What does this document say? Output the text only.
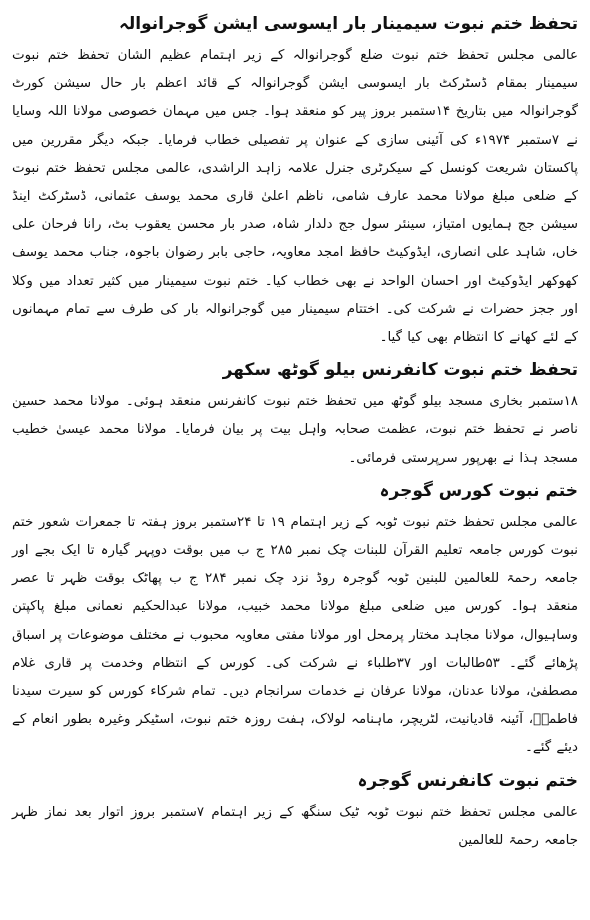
تحفظ ختم نبوت سیمینار بار ایسوسی ایشن گوجرانوالہ

عالمی مجلس تحفظ ختم نبوت ضلع گوجرانوالہ کے زیر اہتمام عظیم الشان تحفظ ختم نبوت سیمینار بمقام ڈسٹرکٹ بار ایسوسی ایشن گوجرانوالہ کے قائد اعظم بار حال سیشن کورٹ گوجرانوالہ میں بتاریخ ۱۴ستمبر بروز پیر کو منعقد ہوا۔ جس میں مہمان خصوصی مولانا اللہ وسایا نے ۷ستمبر ۱۹۷۴ء کی آئینی سازی کے عنوان پر تفصیلی خطاب فرمایا۔ جبکہ دیگر مقررین میں پاکستان شریعت کونسل کے سیکرٹری جنرل علامہ زاہد الراشدی، عالمی مجلس تحفظ ختم نبوت کے ضلعی مبلغ مولانا محمد عارف شامی، ناظم اعلیٰ قاری محمد یوسف عثمانی، ڈسٹرکٹ اینڈ سیشن جج ہمایوں امتیاز، سینئر سول جج دلدار شاہ، صدر بار محسن یعقوب بٹ، رانا فرحان علی خاں، شاہد علی انصاری، ایڈوکیٹ حافظ امجد معاویہ، حاجی بابر رضوان باجوہ، جناب محمد یوسف کھوکھر ایڈوکیٹ اور احسان الواحد نے بھی خطاب کیا۔ ختم نبوت سیمینار میں کثیر تعداد میں وکلا اور ججز حضرات نے شرکت کی۔ اختتام سیمینار میں گوجرانوالہ بار کی طرف سے تمام مہمانوں کے لئے کھانے کا انتظام بھی کیا گیا۔

تحفظ ختم نبوت کانفرنس بیلو گوٹھ سکھر

۱۸ستمبر بخاری مسجد بیلو گوٹھ میں تحفظ ختم نبوت کانفرنس منعقد ہوئی۔ مولانا محمد حسین ناصر نے تحفظ ختم نبوت، عظمت صحابہ واہل بیت پر بیان فرمایا۔ مولانا محمد عیسیٰ خطیب مسجد ہذا نے بھرپور سرپرستی فرمائی۔

ختم نبوت کورس گوجرہ

عالمی مجلس تحفظ ختم نبوت ٹوبہ کے زیر اہتمام ۱۹ تا ۲۴ستمبر بروز ہفتہ تا جمعرات شعور ختم نبوت کورس جامعہ تعلیم القرآن للبنات چک نمبر ۲۸۵ ج ب میں بوقت دوپہر گیارہ تا ایک بجے اور جامعہ رحمۃ للعالمین للبنین ٹوبہ گوجرہ روڈ نزد چک نمبر ۲۸۴ ج ب پھاٹک بوقت ظہر تا عصر منعقد ہوا۔ کورس میں ضلعی مبلغ مولانا محمد خبیب، مولانا عبدالحکیم نعمانی مبلغ پاکپتن وساہیوال، مولانا مجاہد مختار پرمحل اور مولانا مفتی معاویہ محبوب نے مختلف موضوعات پر اسباق پڑھائے گئے۔ ۵۳طالبات اور ۳۷طلباء نے شرکت کی۔ کورس کے انتظام وخدمت پر قاری غلام مصطفیٰ، مولانا عدنان، مولانا عرفان نے خدمات سرانجام دیں۔ تمام شرکاء کورس کو سیرت سیدنا فاطمہؓ، آئینہ قادیانیت، لٹریچر، ماہنامہ لولاک، ہفت روزہ ختم نبوت، اسٹیکر وغیرہ بطور انعام کے دیئے گئے۔

ختم نبوت کانفرنس گوجرہ

عالمی مجلس تحفظ ختم نبوت ٹوبہ ٹیک سنگھ کے زیر اہتمام ۷ستمبر بروز اتوار بعد نماز ظہر جامعہ رحمۃ للعالمین
